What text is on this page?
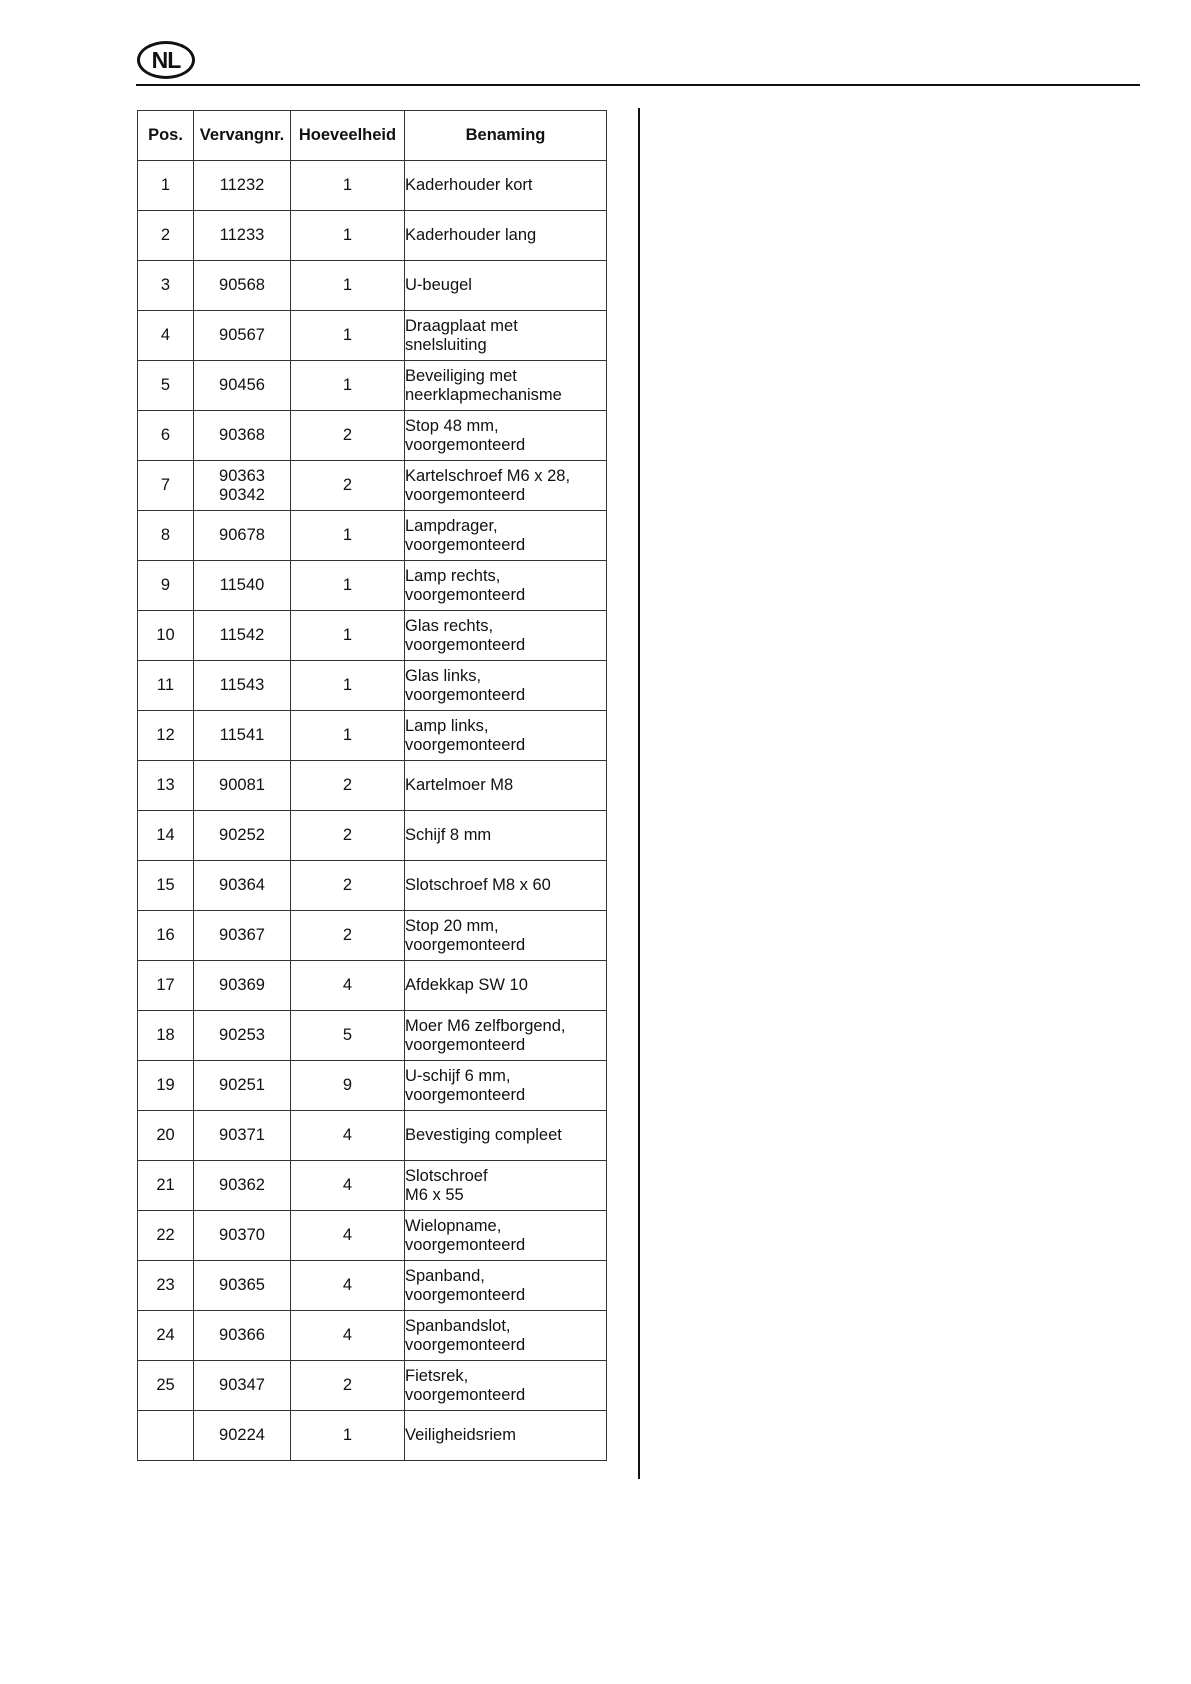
NL
Pos.	Vervangnr.	Hoeveelheid	Benaming
1	11232	1	Kaderhouder kort

2	11233	1	Kaderhouder lang

3	90568	1	U-beugel

4	90567	1	Draagplaat met
snelsluiting

5	90456	1	Beveiliging met
neerklapmechanisme

6	90368	2	Stop 48 mm,
voorgemonteerd

7	90363
90342	2	Kartelschroef M6 x 28,
voorgemonteerd

8	90678	1	Lampdrager,
voorgemonteerd

9	11540	1	Lamp rechts,
voorgemonteerd

10	11542	1	Glas rechts,
voorgemonteerd

11	11543	1	Glas links,
voorgemonteerd

12	11541	1	Lamp links,
voorgemonteerd

13	90081	2	Kartelmoer M8

14	90252	2	Schijf 8 mm

15	90364	2	Slotschroef M8 x 60

16	90367	2	Stop 20 mm,
voorgemonteerd

17	90369	4	Afdekkap SW 10

18	90253	5	Moer M6 zelfborgend,
voorgemonteerd

19	90251	9	U-schijf 6 mm,
voorgemonteerd

20	90371	4	Bevestiging compleet

21	90362	4	Slotschroef
M6 x 55

22	90370	4	Wielopname,
voorgemonteerd

23	90365	4	Spanband,
voorgemonteerd

24	90366	4	Spanbandslot,
voorgemonteerd

25	90347	2	Fietsrek,
voorgemonteerd

	90224	1	Veiligheidsriem
